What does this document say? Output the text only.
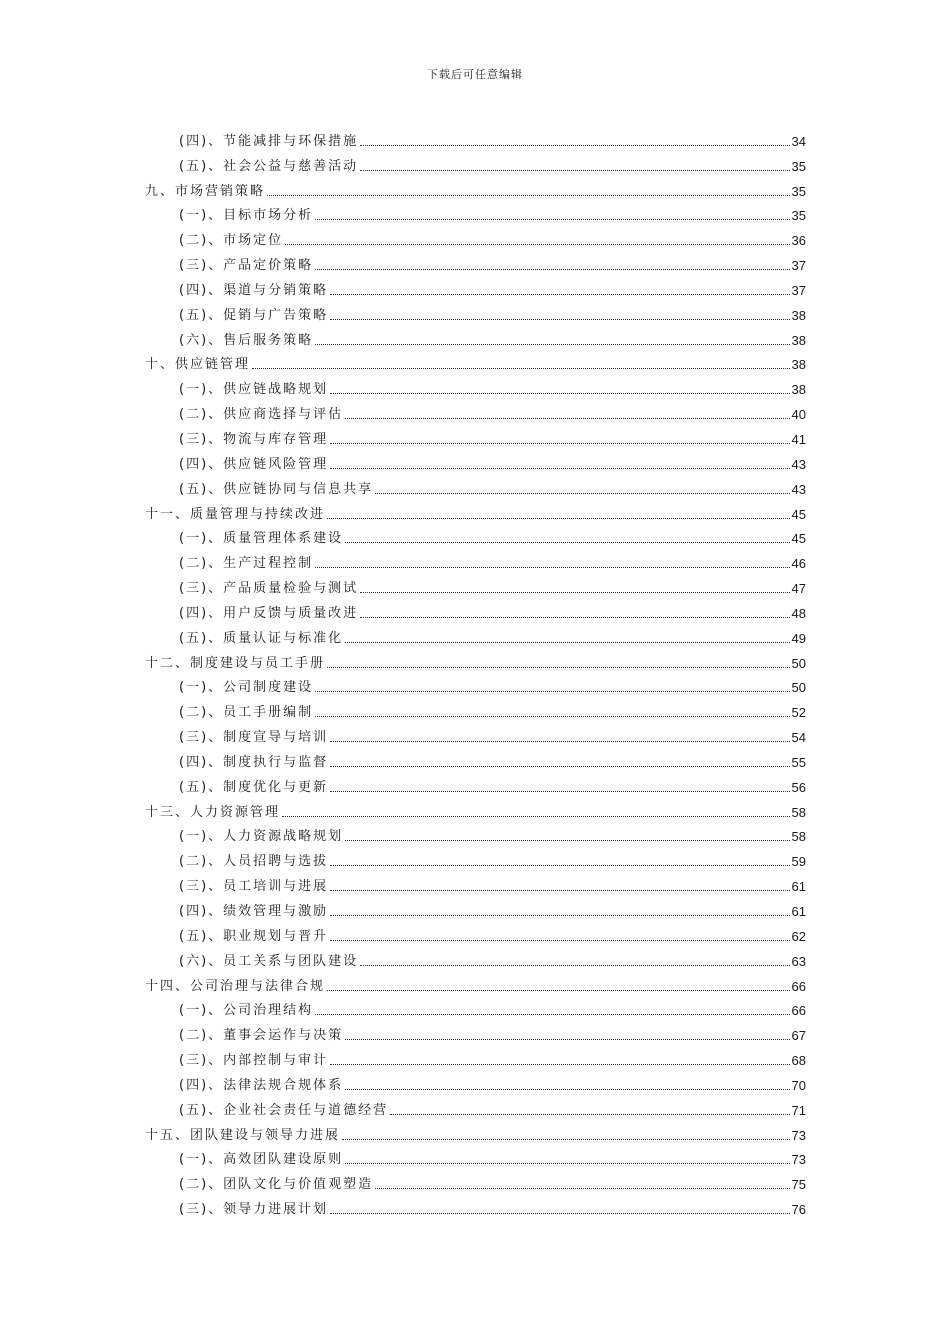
下载后可任意编辑
(四)、节能减排与环保措施	34
(五)、社会公益与慈善活动	35
九、市场营销策略	35
(一)、目标市场分析	35
(二)、市场定位	36
(三)、产品定价策略	37
(四)、渠道与分销策略	37
(五)、促销与广告策略	38
(六)、售后服务策略	38
十、供应链管理	38
(一)、供应链战略规划	38
(二)、供应商选择与评估	40
(三)、物流与库存管理	41
(四)、供应链风险管理	43
(五)、供应链协同与信息共享	43
十一、质量管理与持续改进	45
(一)、质量管理体系建设	45
(二)、生产过程控制	46
(三)、产品质量检验与测试	47
(四)、用户反馈与质量改进	48
(五)、质量认证与标准化	49
十二、制度建设与员工手册	50
(一)、公司制度建设	50
(二)、员工手册编制	52
(三)、制度宣导与培训	54
(四)、制度执行与监督	55
(五)、制度优化与更新	56
十三、人力资源管理	58
(一)、人力资源战略规划	58
(二)、人员招聘与选拔	59
(三)、员工培训与进展	61
(四)、绩效管理与激励	61
(五)、职业规划与晋升	62
(六)、员工关系与团队建设	63
十四、公司治理与法律合规	66
(一)、公司治理结构	66
(二)、董事会运作与决策	67
(三)、内部控制与审计	68
(四)、法律法规合规体系	70
(五)、企业社会责任与道德经营	71
十五、团队建设与领导力进展	73
(一)、高效团队建设原则	73
(二)、团队文化与价值观塑造	75
(三)、领导力进展计划	76
